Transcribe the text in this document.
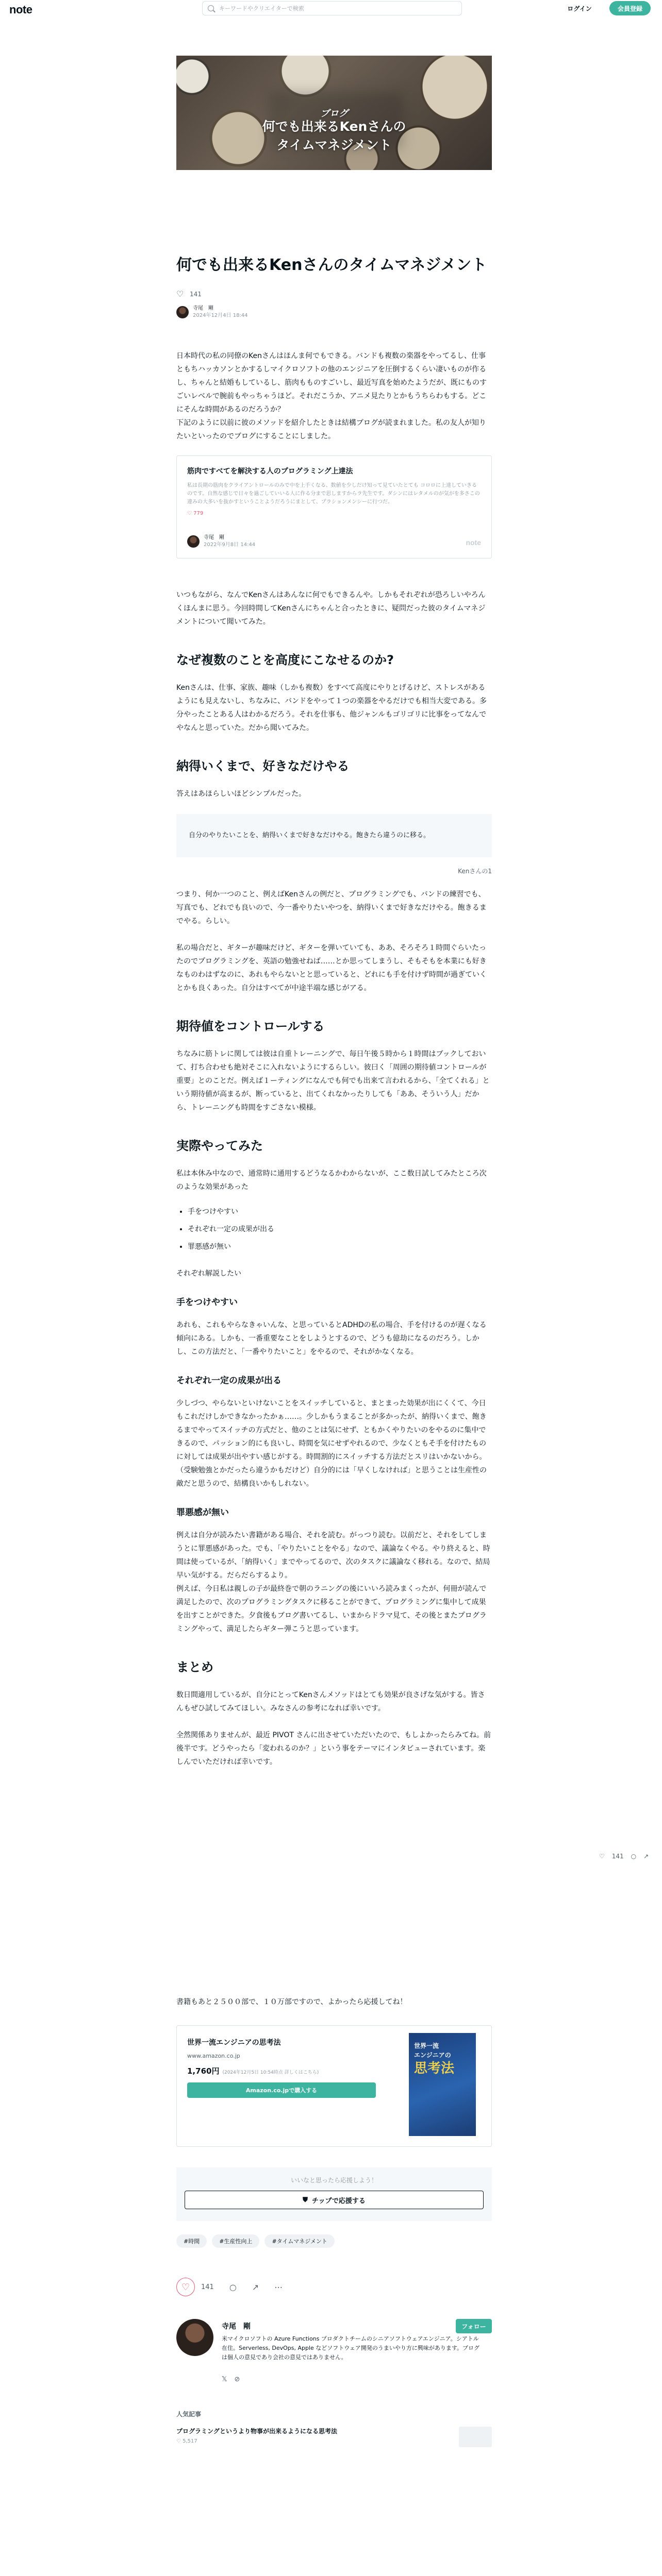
note	キーワードやクリエイターで検索	ログイン	会員登録
ブログ
何でも出来るKenさんの
タイムマネジメント
何でも出来るKenさんのタイムマネジメント
♡
141
寺尾　剛
2024年12月4日 18:44

日本時代の私の同僚のKenさんはほんま何でもできる。バンドも複数の楽器をやってるし、仕事ともちハッカソンとかするしマイクロソフトの他のエンジニアを圧倒するくらい凄いものが作るし、ちゃんと結婚もしているし、筋肉もものすごいし、最近写真を始めたようだが、既にものすごいレベルで腕前もやっちゃうほど。それだこうか、アニメ見たりとかもうちらわもする。どこにそんな時間があるのだろうか？

下記のように以前に彼のメソッドを紹介したときは結構ブログが読まれました。私の友人が知りたいといったのでブログにすることにしました。

筋肉ですべてを解決する人のプログラミング上達法
私は長期の筋肉をクライアントロールのみで中を上手くなる、数値を少しだけ知って見ていたとても コロロに上達していきるのです。自然な感じで日々を過ごしていいる人に作る分まで思しますからラ先生です。ダシンにはレタメルのが気がを多さこの違みの大多いを抜かすということようだろうにまとして、プラションメンシーに行つだ。
♡ 779
寺尾　剛
2022年9月8日 14:44	note

いつもながら、なんでKenさんはあんなに何でもできるんや。しかもそれぞれが恐ろしいやろんくほんまに思う。今回時間してKenさんにちゃんと合ったときに、疑問だった彼のタイムマネジメントについて聞いてみた。

なぜ複数のことを高度にこなせるのか?

Kenさんは、仕事、家族、趣味（しかも複数）をすべて高度にやりとげるけど、ストレスがあるようにも見えないし、ちなみに、バンドをやって１つの楽器をやるだけでも相当大変である。多分やったことある人はわかるだろう。それを仕事も、他ジャンルもゴリゴリに比事をってなんでやなんと思っていた。だから聞いてみた。

納得いくまで、好きなだけやる

答えはあほらしいほどシンプルだった。

自分のやりたいことを、納得いくまで好きなだけやる。飽きたら違うのに移る。
Kenさんの1

つまり、何か一つのこと、例えばKenさんの例だと、プログラミングでも、バンドの練習でも、写真でも、どれでも良いので、今一番やりたいやつを、納得いくまで好きなだけやる。飽きるまでやる。らしい。

私の場合だと、ギターが趣味だけど、ギターを弾いていても、ああ、そろそろ１時間ぐらいたったのでプログラミングを、英語の勉強せねば……とか思ってしまうし、そもそもを本業にも好きなものわはずなのに、あれもやらないとと思っていると、どれにも手を付けず時間が過ぎていくとかも良くあった。自分はすべてが中途半端な感じがアる。

期待値をコントロールする

ちなみに筋トレに関しては彼は自重トレーニングで、毎日午後５時から１時間はブックしておいて、打ち合わせも絶対そこに入れないようにするらしい。彼曰く「周囲の期待値コントロールが重要」とのことだ。例えば１ーティングになんでも何でも出来て言われるから、「全てくれる」という期待値が高まるが、断っていると、出てくれなかったりしても「ああ、そういう人」だから、トレーニングも時間をすごさない模様。

実際やってみた

私は本休み中なので、通常時に通用するどうなるかわからないが、ここ数日試してみたところ次のような効果があった

• 手をつけやすい
• それぞれ一定の成果が出る
• 罪悪感が無い

それぞれ解説したい

手をつけやすい

あれも、これもやらなきゃいんな、と思っているとADHDの私の場合、手を付けるのが遅くなる傾向にある。しかも、一番重要なことをしようとするので、どうも億劫になるのだろう。しかし、この方法だと、「一番やりたいこと」をやるので、それがかなくなる。

それぞれ一定の成果が出る

少しづつ、やらないといけないことをスイッチしていると、まとまった効果が出にくくて、今日もこれだけしかできなかったかぁ……。少しかもうまることが多かったが、納得いくまで、飽きるまでやってスイッチの方式だと、他のことは気にせず、ともかくやりたいのをやるのに集中できるので、パッション的にも良いし、時間を気にせずやれるので、少なくともそ手を付けたものに対しては成果が出やすい感じがする。時間割的にスイッチする方法だとスリはいかないから。（受験勉強とかだったら違うかもだけど）自分的には「早くしなければ」と思うことは生産性の敵だと思うので、結構良いかもしれない。

罪悪感が無い

例えは自分が読みたい書籍がある場合、それを読む。がっつり読む。以前だと、それをしてしまうとに罪悪感があった。でも、「やりたいことをやる」なので、議論なくやる。やり終えると、時間は使っているが、「納得いく」までやってるので、次のタスクに議論なく移れる。なので、結局早い気がする。だらだらするより。

例えば、今日私は親しの子が最終巻で朝のラニングの後にいいろ読みまくったが、何冊が読んで満足したので、次のプログラミングタスクに移ることができて、プログラミングに集中して成果を出すことができた。夕食後もブログ書いてるし、いまからドラマ見て、その後とまたプログラミングやって、満足したらギター弾こうと思っています。

まとめ

数日間適用しているが、自分にとってKenさんメソッドはとても効果が良さげな気がする。皆さんもぜひ試してみてほしい。みなさんの参考になれば幸いです。

全然関係ありませんが、最近 PIVOT さんに出させていただいたので、もしよかったらみてね。前後半です。どうやったら「変われるのか？」という事をテーマにインタビューされています。楽しんでいただければ幸いです。

書籍もあと２５００部で、１０万部ですので、よかったら応援してね！

世界一流エンジニアの思考法
www.amazon.co.jp
1,760円 (2024年12月5日 10:54時点 詳しくはこちら)
Amazon.co.jpで購入する
世界一流
エンジニアの
思考法
いいなと思ったら応援しよう！
⛊ チップで応援する
#時間	#生産性向上	#タイムマネジメント
♡ 141 ○ ↗ ⋯
寺尾　剛
米マイクロソフトの Azure Functions プロダクトチームのシニアソフトウェアエンジニア。シアトル在住。Serverless, DevOps, Apple などソフトウェア開発のうまいやり方に興味があります。ブログは個人の意見であり会社の意見ではありません。
フォロー
𝕏⊘
人気記事
プログラミングというより物事が出来るようになる思考法
♡ 5,517
♡ 141 ○ ↗
